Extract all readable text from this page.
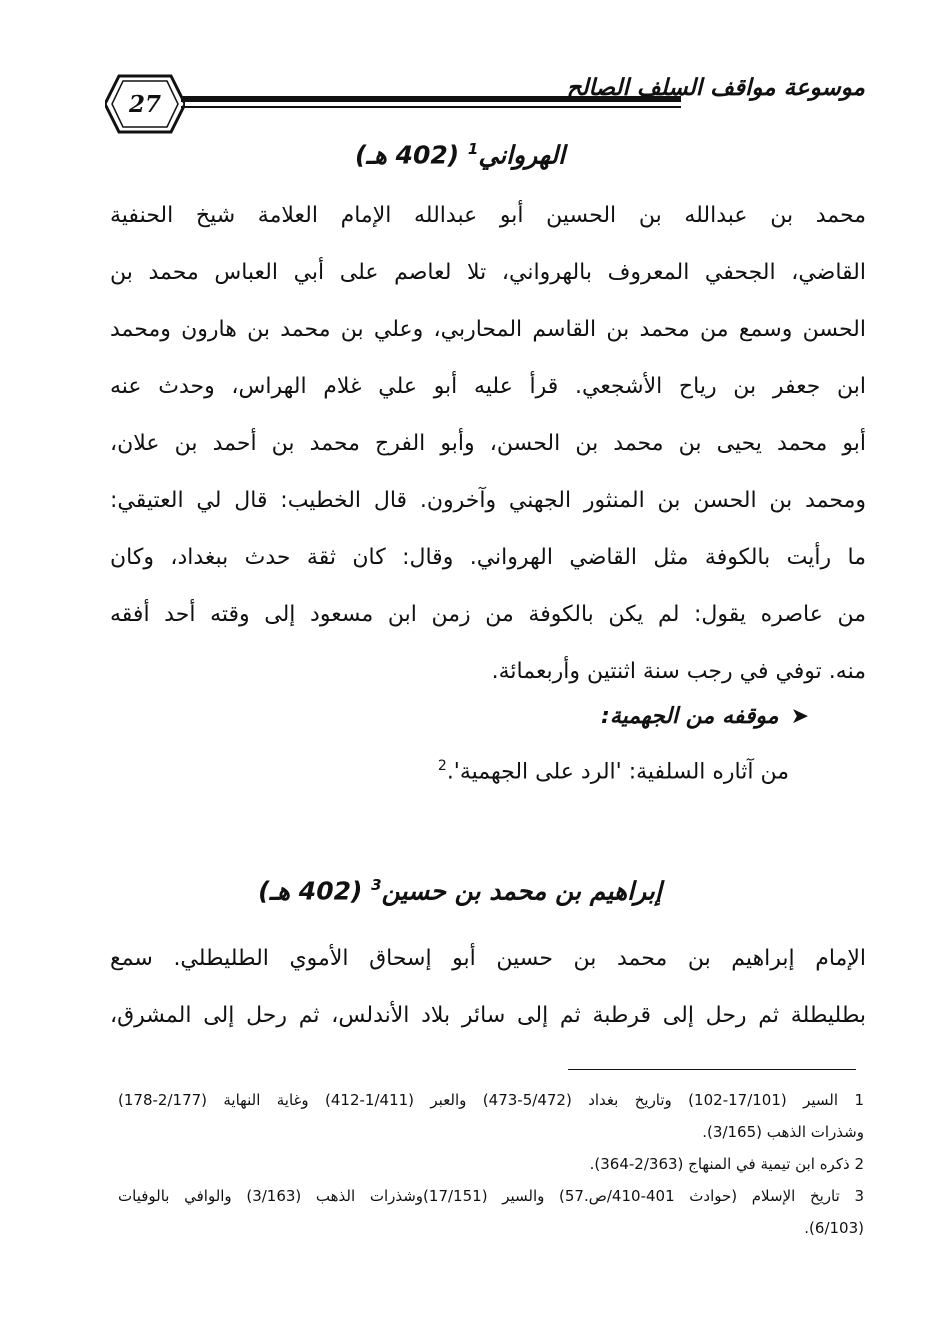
27
موسوعة مواقف السلف الصالح
الهرواني$^1$ (402 هـ)
محمد بن عبدالله بن الحسين أبو عبدالله الإمام العلامة شيخ الحنفية
القاضي، الجحفي المعروف بالهرواني، تلا لعاصم على أبي العباس محمد بن
الحسن وسمع من محمد بن القاسم المحاربي، وعلي بن محمد بن هارون ومحمد
ابن جعفر بن رياح الأشجعي. قرأ عليه أبو علي غلام الهراس، وحدث عنه
أبو محمد يحيى بن محمد بن الحسن، وأبو الفرج محمد بن أحمد بن علان،
ومحمد بن الحسن بن المنثور الجهني وآخرون. قال الخطيب: قال لي العتيقي:
ما رأيت بالكوفة مثل القاضي الهرواني. وقال: كان ثقة حدث ببغداد، وكان
من عاصره يقول: لم يكن بالكوفة من زمن ابن مسعود إلى وقته أحد أفقه
منه. توفي في رجب سنة اثنتين وأربعمائة.
➤موقفه من الجهمية:
من آثاره السلفية: 'الرد على الجهمية'.$^2$
إبراهيم بن محمد بن حسين$^3$ (402 هـ)
الإمام إبراهيم بن محمد بن حسين أبو إسحاق الأموي الطليطلي. سمع
بطليطلة ثم رحل إلى قرطبة ثم إلى سائر بلاد الأندلس، ثم رحل إلى المشرق،
1 السير (17/101-102) وتاريخ بغداد (5/472-473) والعبر (1/411-412) وغاية النهاية (2/177-178)
وشذرات الذهب (3/165).
2 ذكره ابن تيمية في المنهاج (2/363-364).
3 تاريخ الإسلام (حوادث 401-410/ص.57) والسير (17/151)وشذرات الذهب (3/163) والوافي بالوفيات
(6/103).
